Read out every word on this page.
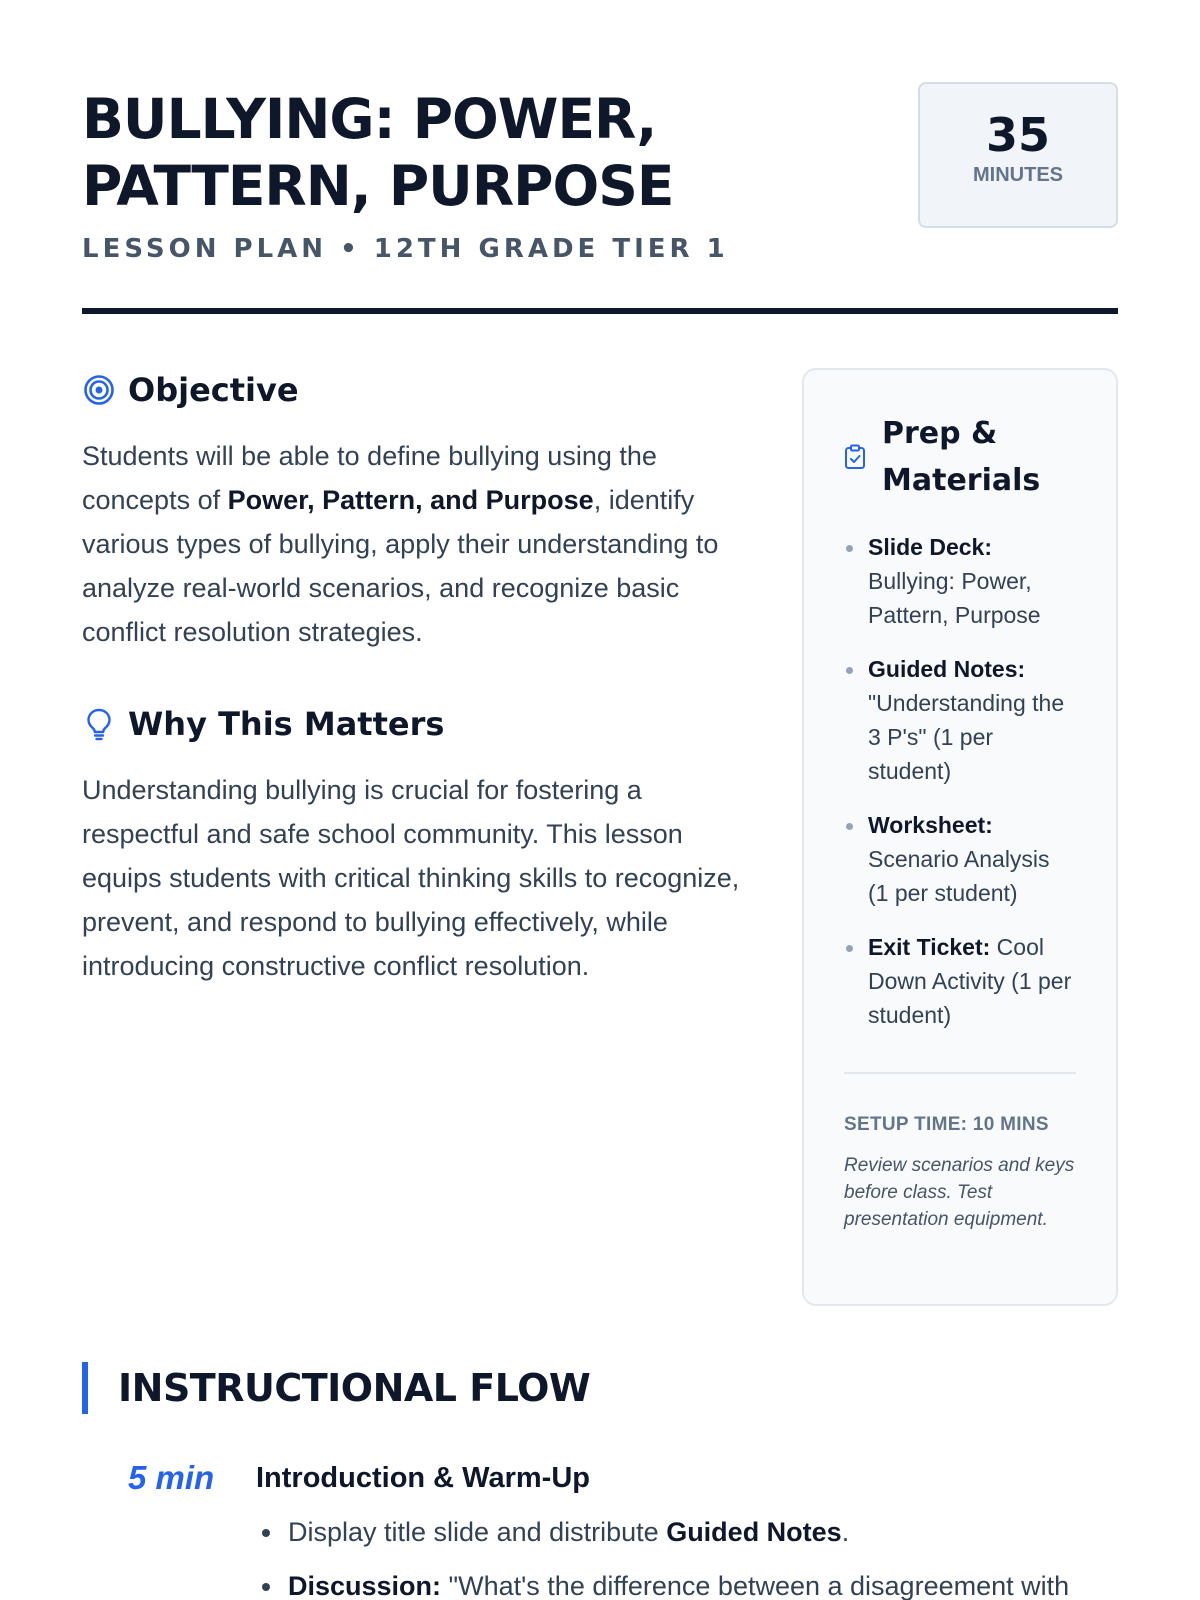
BULLYING: POWER,
PATTERN, PURPOSE
LESSON PLAN • 12TH GRADE TIER 1
35
MINUTES
Objective

Students will be able to define bullying using the concepts of Power, Pattern, and Purpose, identify various types of bullying, apply their understanding to analyze real-world scenarios, and recognize basic conflict resolution strategies.

Why This Matters

Understanding bullying is crucial for fostering a respectful and safe school community. This lesson equips students with critical thinking skills to recognize, prevent, and respond to bullying effectively, while introducing constructive conflict resolution.

Prep & Materials
Slide Deck: Bullying: Power, Pattern, Purpose
Guided Notes: "Understanding the 3 P's" (1 per student)
Worksheet: Scenario Analysis (1 per student)
Exit Ticket: Cool Down Activity (1 per student)
SETUP TIME: 10 MINS
Review scenarios and keys before class. Test presentation equipment.
INSTRUCTIONAL FLOW
5 min	Introduction & Warm-Up
Display title slide and distribute Guided Notes.
Discussion: "What's the difference between a disagreement with
